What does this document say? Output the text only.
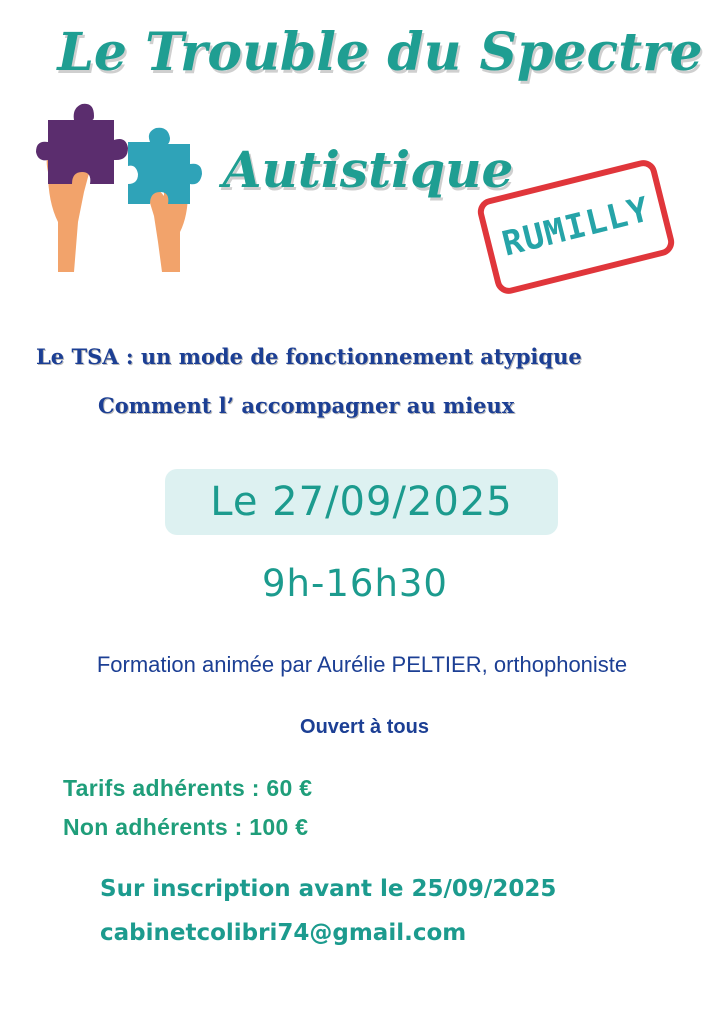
Le Trouble du Spectre
Autistique
RUMILLY
Le TSA : un mode de fonctionnement atypique
Comment l’ accompagner au mieux
Le 27/09/2025
9h-16h30
Formation animée par Aurélie PELTIER, orthophoniste
Ouvert à tous
Tarifs adhérents : 60 €
Non adhérents : 100 €
Sur inscription avant le 25/09/2025
cabinetcolibri74@gmail.com
